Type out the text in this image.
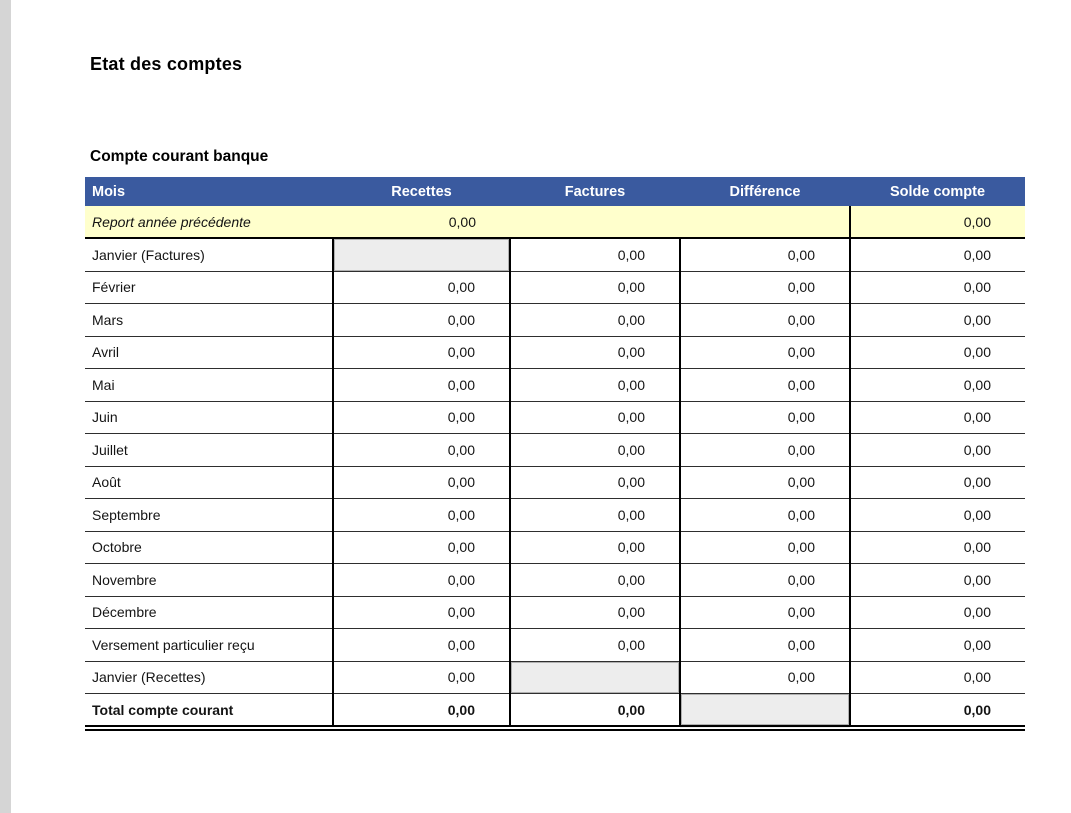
Etat des comptes
Compte courant banque
Mois	Recettes	Factures	Différence	Solde compte
Report année précédente	0,00			0,00
Janvier (Factures)		0,00	0,00	0,00
Février	0,00	0,00	0,00	0,00
Mars	0,00	0,00	0,00	0,00
Avril	0,00	0,00	0,00	0,00
Mai	0,00	0,00	0,00	0,00
Juin	0,00	0,00	0,00	0,00
Juillet	0,00	0,00	0,00	0,00
Août	0,00	0,00	0,00	0,00
Septembre	0,00	0,00	0,00	0,00
Octobre	0,00	0,00	0,00	0,00
Novembre	0,00	0,00	0,00	0,00
Décembre	0,00	0,00	0,00	0,00
Versement particulier reçu	0,00	0,00	0,00	0,00
Janvier (Recettes)	0,00		0,00	0,00
Total compte courant	0,00	0,00		0,00
